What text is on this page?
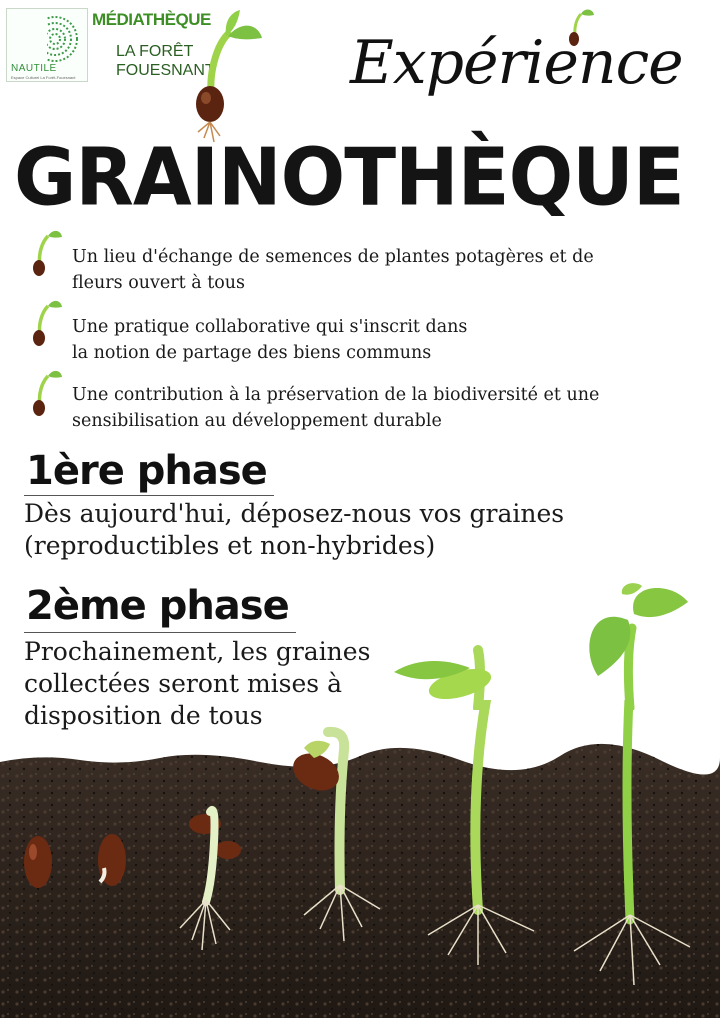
NAUTILE
Espace Culturel La Forêt-Fouesnant
MÉDIATHÈQUE
LA FORÊT
FOUESNANT Expérience
GRAINOTHÈQUE
Un lieu d'échange de semences de plantes potagères et de
fleurs ouvert à tous
Une pratique collaborative qui s'inscrit dans
la notion de partage des biens communs
Une contribution à la préservation de la biodiversité et une
sensibilisation au développement durable
1ère phase
Dès aujourd'hui, déposez-nous vos graines
(reproductibles et non-hybrides)
2ème phase
Prochainement, les graines
collectées seront mises à
disposition de tous
